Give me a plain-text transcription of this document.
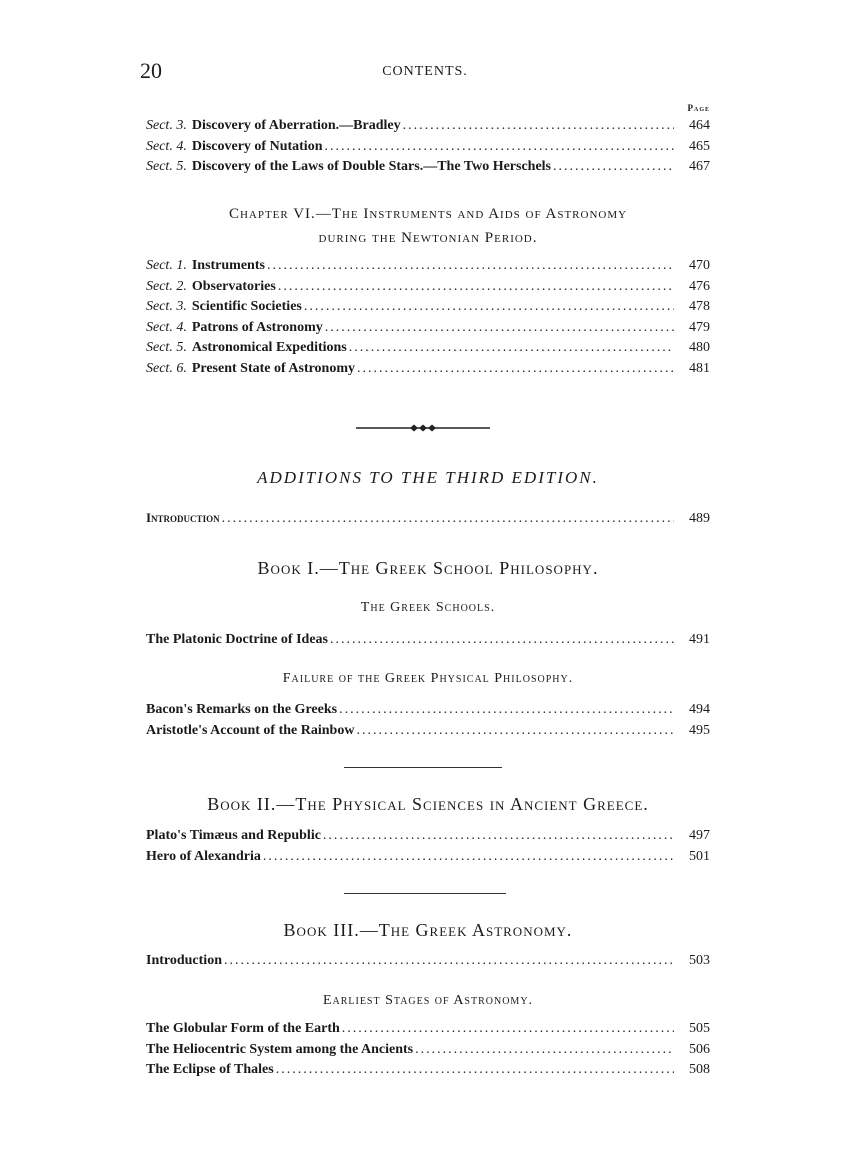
20	CONTENTS.
Page
Sect. 3. Discovery of Aberration.—Bradley .....	464
Sect. 4. Discovery of Nutation .....	465
Sect. 5. Discovery of the Laws of Double Stars.—The Two Herschels .....	467
Chapter VI.—The Instruments and Aids of Astronomy
during the Newtonian Period.
Sect. 1. Instruments .....	470
Sect. 2. Observatories .....	476
Sect. 3. Scientific Societies .....	478
Sect. 4. Patrons of Astronomy .....	479
Sect. 5. Astronomical Expeditions .....	480
Sect. 6. Present State of Astronomy .....	481
ADDITIONS TO THE THIRD EDITION.
Introduction .....	489
Book I.—The Greek School Philosophy.
The Greek Schools.
The Platonic Doctrine of Ideas .....	491
Failure of the Greek Physical Philosophy.
Bacon's Remarks on the Greeks .....	494
Aristotle's Account of the Rainbow .....	495
Book II.—The Physical Sciences in Ancient Greece.
Plato's Timæus and Republic .....	497
Hero of Alexandria .....	501
Book III.—The Greek Astronomy.
Introduction .....	503
Earliest Stages of Astronomy.
The Globular Form of the Earth .....	505
The Heliocentric System among the Ancients .....	506
The Eclipse of Thales .....	508
